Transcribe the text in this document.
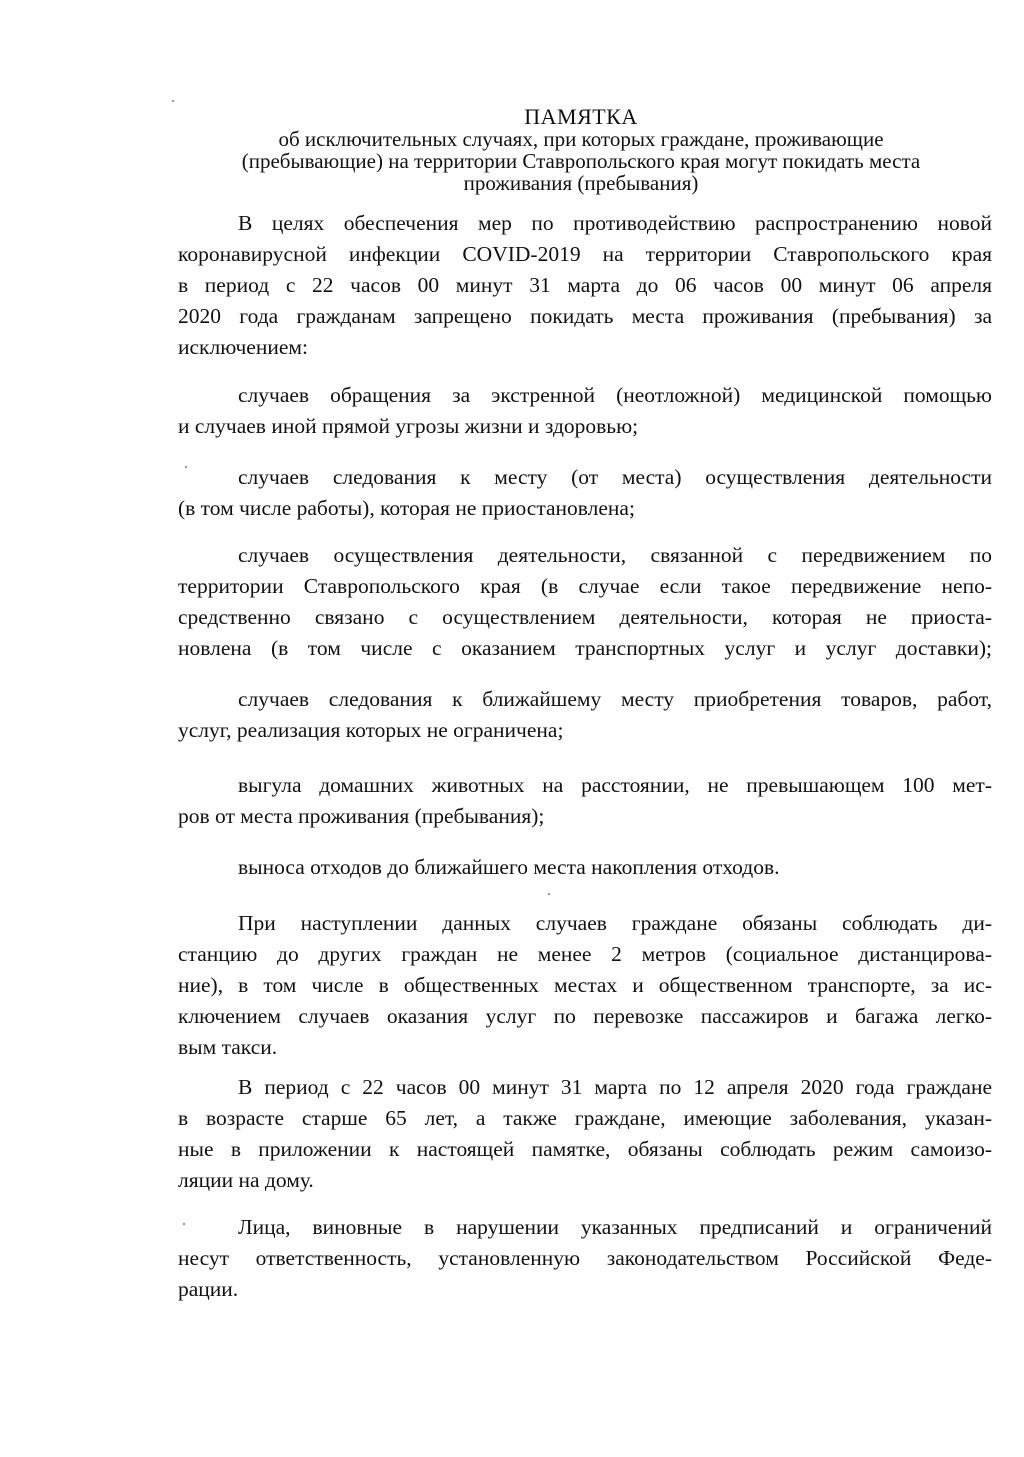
ПАМЯТКА
об исключительных случаях, при которых граждане, проживающие
(пребывающие) на территории Ставропольского края могут покидать места
проживания (пребывания)
В целях обеспечения мер по противодействию распространению новой
коронавирусной инфекции COVID-2019 на территории Ставропольского края
в период с 22 часов 00 минут 31 марта до 06 часов 00 минут 06 апреля
2020 года гражданам запрещено покидать места проживания (пребывания) за
исключением:
случаев обращения за экстренной (неотложной) медицинской помощью
и случаев иной прямой угрозы жизни и здоровью;
случаев следования к месту (от места) осуществления деятельности
(в том числе работы), которая не приостановлена;
случаев осуществления деятельности, связанной с передвижением по
территории Ставропольского края (в случае если такое передвижение непо-
средственно связано с осуществлением деятельности, которая не приоста-
новлена (в том числе с оказанием транспортных услуг и услуг доставки);
случаев следования к ближайшему месту приобретения товаров, работ,
услуг, реализация которых не ограничена;
выгула домашних животных на расстоянии, не превышающем 100 мет-
ров от места проживания (пребывания);
выноса отходов до ближайшего места накопления отходов.
При наступлении данных случаев граждане обязаны соблюдать ди-
станцию до других граждан не менее 2 метров (социальное дистанцирова-
ние), в том числе в общественных местах и общественном транспорте, за ис-
ключением случаев оказания услуг по перевозке пассажиров и багажа легко-
вым такси.
В период с 22 часов 00 минут 31 марта по 12 апреля 2020 года граждане
в возрасте старше 65 лет, а также граждане, имеющие заболевания, указан-
ные в приложении к настоящей памятке, обязаны соблюдать режим самоизо-
ляции на дому.
Лица, виновные в нарушении указанных предписаний и ограничений
несут ответственность, установленную законодательством Российской Феде-
рации.
